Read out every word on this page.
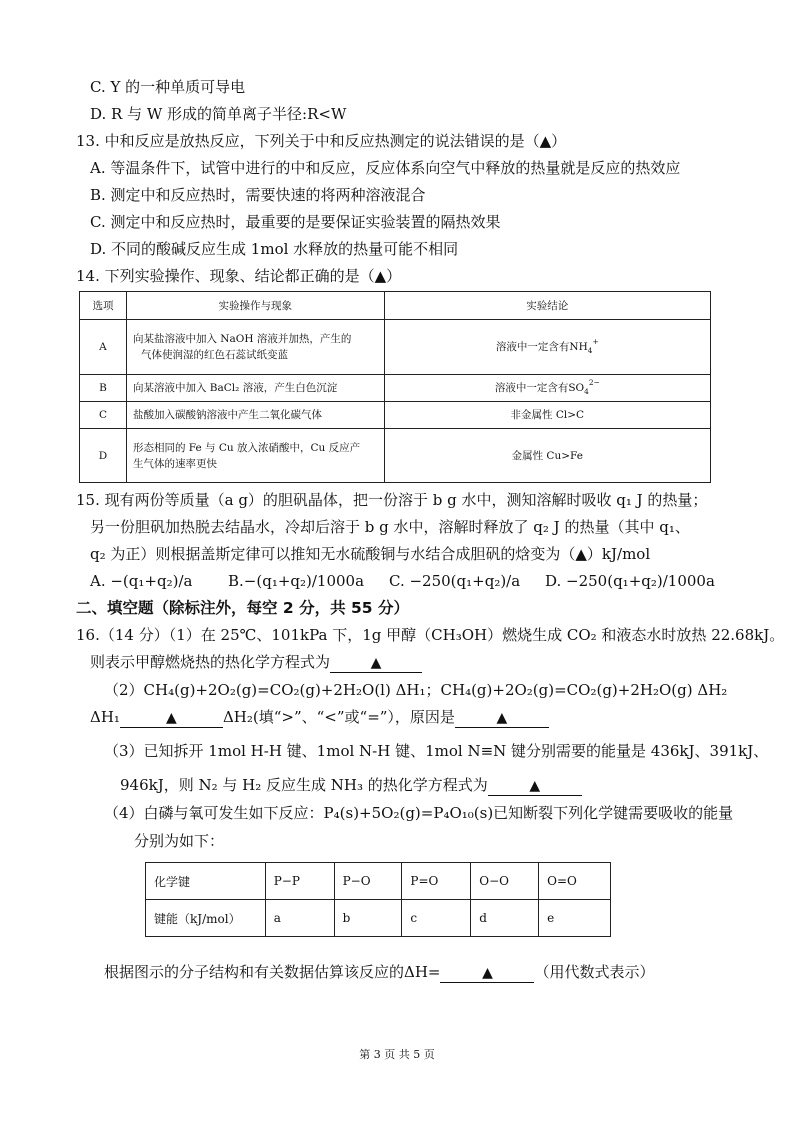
C. Y 的一种单质可导电
D. R 与 W 形成的简单离子半径:R<W
13. 中和反应是放热反应，下列关于中和反应热测定的说法错误的是（▲）
A. 等温条件下，试管中进行的中和反应，反应体系向空气中释放的热量就是反应的热效应
B. 测定中和反应热时，需要快速的将两种溶液混合
C. 测定中和反应热时，最重要的是要保证实验装置的隔热效果
D. 不同的酸碱反应生成 1mol 水释放的热量可能不相同
14. 下列实验操作、现象、结论都正确的是（▲）
选项	实验操作与现象	实验结论
A	向某盐溶液中加入 NaOH 溶液并加热，产生的
气体使润湿的红色石蕊试纸变蓝	溶液中一定含有$NH_4^+$
B	向某溶液中加入 BaCl₂ 溶液，产生白色沉淀	溶液中一定含有$SO_4^{2-}$
C	盐酸加入碳酸钠溶液中产生二氧化碳气体	非金属性 Cl>C
D	形态相同的 Fe 与 Cu 放入浓硝酸中，Cu 反应产
生气体的速率更快	金属性 Cu>Fe
15. 现有两份等质量（a g）的胆矾晶体，把一份溶于 b g 水中，测知溶解时吸收 q₁ J 的热量；
另一份胆矾加热脱去结晶水，冷却后溶于 b g 水中，溶解时释放了 q₂ J 的热量（其中 q₁、
q₂ 为正）则根据盖斯定律可以推知无水硫酸铜与水结合成胆矾的焓变为（▲）kJ/mol
A. −(q₁+q₂)/a B.−(q₁+q₂)/1000a C. −250(q₁+q₂)/a D. −250(q₁+q₂)/1000a
二、填空题（除标注外，每空 2 分，共 55 分）
16.（14 分）（1）在 25℃、101kPa 下，1g 甲醇（CH₃OH）燃烧生成 CO₂ 和液态水时放热 22.68kJ。
则表示甲醇燃烧热的热化学方程式为	▲
（2）CH₄(g)+2O₂(g)=CO₂(g)+2H₂O(l) ΔH₁；CH₄(g)+2O₂(g)=CO₂(g)+2H₂O(g) ΔH₂
ΔH₁	▲	ΔH₂(填“>”、“<”或“=”），原因是	▲
（3）已知拆开 1mol H-H 键、1mol N-H 键、1mol N≡N 键分别需要的能量是 436kJ、391kJ、
946kJ，则 N₂ 与 H₂ 反应生成 NH₃ 的热化学方程式为	▲
（4）白磷与氧可发生如下反应：P₄(s)+5O₂(g)=P₄O₁₀(s)已知断裂下列化学键需要吸收的能量
分别为如下：
化学键	P−P	P−O	P=O	O−O	O=O
键能（kJ/mol）	a	b	c	d	e
根据图示的分子结构和有关数据估算该反应的ΔH=	▲	（用代数式表示）
第 3 页 共 5 页
